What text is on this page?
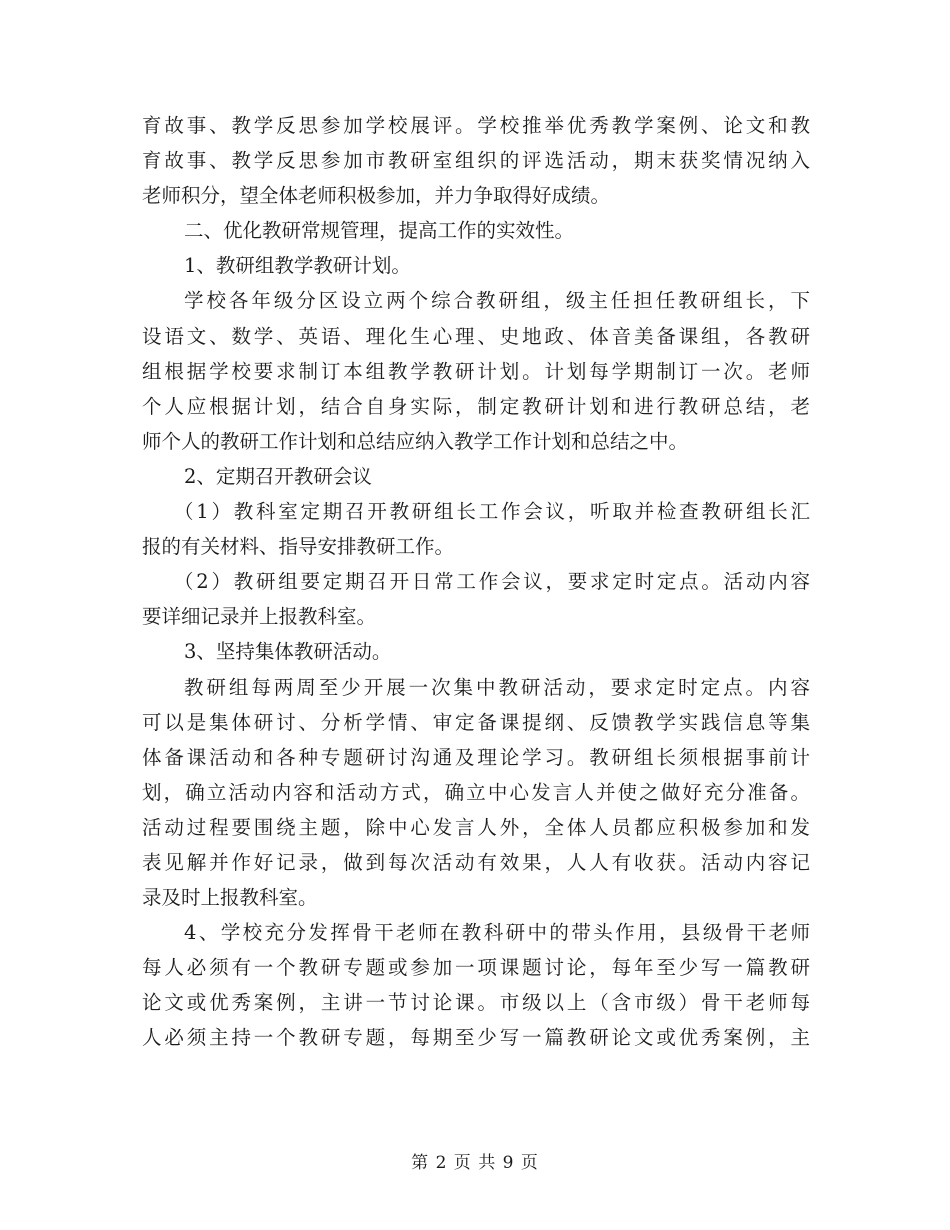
育故事、教学反思参加学校展评。学校推举优秀教学案例、论文和教
育故事、教学反思参加市教研室组织的评选活动，期末获奖情况纳入
老师积分，望全体老师积极参加，并力争取得好成绩。
二、优化教研常规管理，提高工作的实效性。
1、教研组教学教研计划。
学校各年级分区设立两个综合教研组，级主任担任教研组长，下
设语文、数学、英语、理化生心理、史地政、体音美备课组，各教研
组根据学校要求制订本组教学教研计划。计划每学期制订一次。老师
个人应根据计划，结合自身实际，制定教研计划和进行教研总结，老
师个人的教研工作计划和总结应纳入教学工作计划和总结之中。
2、定期召开教研会议
（1）教科室定期召开教研组长工作会议，听取并检查教研组长汇
报的有关材料、指导安排教研工作。
（2）教研组要定期召开日常工作会议，要求定时定点。活动内容
要详细记录并上报教科室。
3、坚持集体教研活动。
教研组每两周至少开展一次集中教研活动，要求定时定点。内容
可以是集体研讨、分析学情、审定备课提纲、反馈教学实践信息等集
体备课活动和各种专题研讨沟通及理论学习。教研组长须根据事前计
划，确立活动内容和活动方式，确立中心发言人并使之做好充分准备。
活动过程要围绕主题，除中心发言人外，全体人员都应积极参加和发
表见解并作好记录，做到每次活动有效果，人人有收获。活动内容记
录及时上报教科室。
4、学校充分发挥骨干老师在教科研中的带头作用，县级骨干老师
每人必须有一个教研专题或参加一项课题讨论，每年至少写一篇教研
论文或优秀案例，主讲一节讨论课。市级以上（含市级）骨干老师每
人必须主持一个教研专题，每期至少写一篇教研论文或优秀案例，主
第 2 页 共 9 页
